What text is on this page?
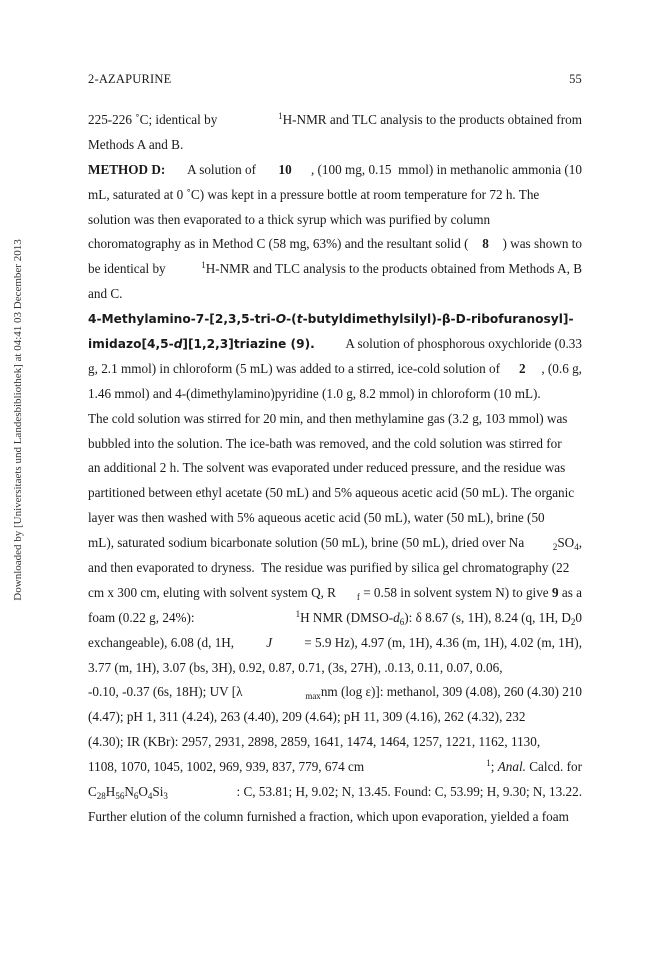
2-AZAPURINE	55
Downloaded by [Universitaets und Landesbibliothek] at 04:41 03 December 2013
225-226 ˚C; identical by	$^1$H-NMR and TLC analysis to the products obtained from
Methods A and B.
METHOD D: A solution of 10 , (100 mg, 0.15  mmol) in methanolic ammonia (10
mL, saturated at 0 ˚C) was kept in a pressure bottle at room temperature for 72 h. The
solution was then evaporated to a thick syrup which was purified by column
choromatography as in Method C (58 mg, 63%) and the resultant solid ( 8 ) was shown to
be identical by	$^1$H-NMR and TLC analysis to the products obtained from Methods A, B
and C.
4-Methylamino-7-[2,3,5-tri-O-(t-butyldimethylsilyl)-β-D-ribofuranosyl]-
imidazo[4,5-d][1,2,3]triazine (9). A solution of phosphorous oxychloride (0.33
g, 2.1 mmol) in chloroform (5 mL) was added to a stirred, ice-cold solution of 2 , (0.6 g,
1.46 mmol) and 4-(dimethylamino)pyridine (1.0 g, 8.2 mmol) in chloroform (10 mL).
The cold solution was stirred for 20 min, and then methylamine gas (3.2 g, 103 mmol) was
bubbled into the solution. The ice-bath was removed, and the cold solution was stirred for
an additional 2 h. The solvent was evaporated under reduced pressure, and the residue was
partitioned between ethyl acetate (50 mL) and 5% aqueous acetic acid (50 mL). The organic
layer was then washed with 5% aqueous acetic acid (50 mL), water (50 mL), brine (50
mL), saturated sodium bicarbonate solution (50 mL), brine (50 mL), dried over Na	$_2SO_4$,
and then evaporated to dryness.  The residue was purified by silica gel chromatography (22
cm x 300 cm, eluting with solvent system Q, R $_f$ = 0.58 in solvent system N) to give 9 as a
foam (0.22 g, 24%):	$^1$H NMR $(DMSO-d_6)$: δ 8.67 (s, 1H), 8.24 (q, 1H, $D_20$
exchangeable), 6.08 (d, 1H, J = 5.9 Hz), 4.97 (m, 1H), 4.36 (m, 1H), 4.02 (m, 1H),
3.77 (m, 1H), 3.07 (bs, 3H), 0.92, 0.87, 0.71, (3s, 27H), .0.13, 0.11, 0.07, 0.06,
-0.10, -0.37 (6s, 18H); UV [λ	$_{max}$nm (log ε)]: methanol, 309 (4.08), 260 (4.30) 210
(4.47); pH 1, 311 (4.24), 263 (4.40), 209 (4.64); pH 11, 309 (4.16), 262 (4.32), 232
(4.30); IR (KBr): 2957, 2931, 2898, 2859, 1641, 1474, 1464, 1257, 1221, 1162, 1130,
1108, 1070, 1045, 1002, 969, 939, 837, 779, 674 cm	$^1$; Anal. Calcd. for
$C_{28}H_{56}N_6O_4Si_3$	: C, 53.81; H, 9.02; N, 13.45. Found: C, 53.99; H, 9.30; N, 13.22.
Further elution of the column furnished a fraction, which upon evaporation, yielded a foam
